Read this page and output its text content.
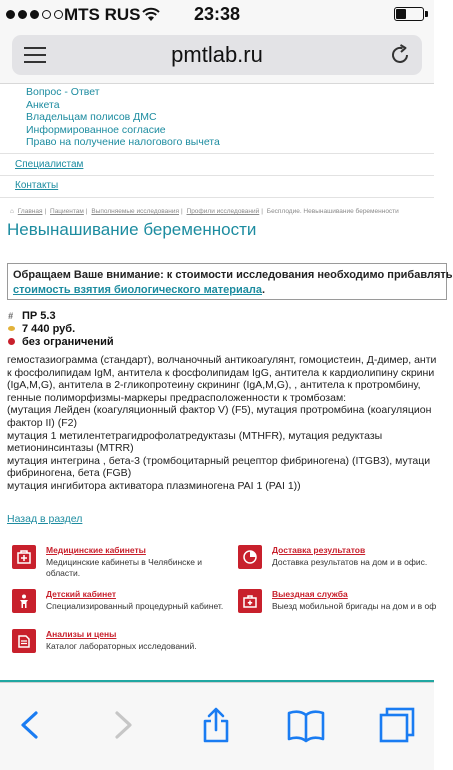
MTS RUS	23:38
pmtlab.ru
Вопрос - Ответ
Анкета
Владельцам полисов ДМС
Информированное согласие
Право на получение налогового вычета
Специалистам
Контакты
⌂ Главная | Пациентам | Выполняемые исследования | Профили исследований | Бесплодие. Невынашивание беременности
Невынашивание беременности
Обращаем Ваше внимание: к стоимости исследования необходимо прибавлять
стоимость взятия биологического материала.
# ПР 5.3
7 440 руб.
без ограничений
гемостазиограмма (стандарт), волчаночный антикоагулянт, гомоцистеин, Д-димер, анти
к фосфолипидам IgM, антитела к фосфолипидам IgG, антитела к кардиолипину скрини
(IgA,M,G), антитела в 2-гликопротеину скрининг (IgA,M,G), , антитела к протромбину,
генные полиморфизмы-маркеры предрасположенности к тромбозам:
(мутация Лейден (коагуляционный фактор V) (F5), мутация протромбина (коагуляцион
фактор II) (F2)
мутация 1 метилентетрагидрофолатредуктазы (MTHFR), мутация редуктазы
метионинсинтазы (MTRR)
мутация интегрина , бета-3 (тромбоцитарный рецептор фибриногена) (ITGB3), мутаци
фибриногена, бета (FGB)
мутация ингибитора активатора плазминогена PAI 1 (PAI 1))
Назад в раздел
Медицинские кабинеты
Медицинские кабинеты в Челябинске и
области.
Доставка результатов
Доставка результатов на дом и в офис.
Детский кабинет
Специализированный процедурный кабинет.
Выездная служба
Выезд мобильной бригады на дом и в оф
Анализы и цены
Каталог лабораторных исследований.
